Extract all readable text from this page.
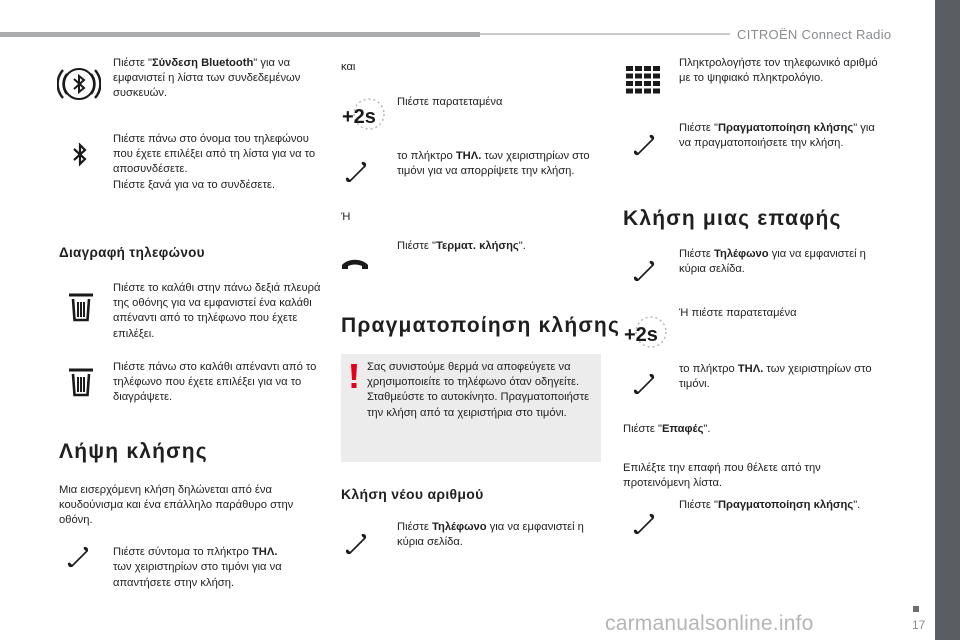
CITROËN Connect Radio
Πιέστε "Σύνδεση Bluetooth" για να εμφανιστεί η λίστα των συνδεδεμένων συσκευών.
Πιέστε πάνω στο όνομα του τηλεφώνου που έχετε επιλέξει από τη λίστα για να το αποσυνδέσετε.
Πιέστε ξανά για να το συνδέσετε.
Διαγραφή τηλεφώνου
Πιέστε το καλάθι στην πάνω δεξιά πλευρά της οθόνης για να εμφανιστεί ένα καλάθι απέναντι από το τηλέφωνο που έχετε επιλέξει.
Πιέστε πάνω στο καλάθι απέναντι από το τηλέφωνο που έχετε επιλέξει για να το διαγράψετε.
Λήψη κλήσης
Μια εισερχόμενη κλήση δηλώνεται από ένα κουδούνισμα και ένα επάλληλο παράθυρο στην οθόνη.

Πιέστε σύντομα το πλήκτρο ΤΗΛ.
των χειριστηρίων στο τιμόνι για να απαντήσετε στην κλήση.

και
+2s
Πιέστε παρατεταμένα
το πλήκτρο ΤΗΛ. των χειριστηρίων στο τιμόνι για να απορρίψετε την κλήση.
Ή
Πιέστε "Τερματ. κλήσης".
Πραγματοποίηση κλήσης
Σας συνιστούμε θερμά να αποφεύγετε να χρησιμοποιείτε το τηλέφωνο όταν οδηγείτε. Σταθμεύστε το αυτοκίνητο. Πραγματοποιήστε την κλήση από τα χειριστήρια στο τιμόνι.
Κλήση νέου αριθμού
Πιέστε Τηλέφωνο για να εμφανιστεί η κύρια σελίδα.
Πληκτρολογήστε τον τηλεφωνικό αριθμό με το ψηφιακό πληκτρολόγιο.
Πιέστε "Πραγματοποίηση κλήσης" για να πραγματοποιήσετε την κλήση.
Κλήση μιας επαφής
Πιέστε Τηλέφωνο για να εμφανιστεί η κύρια σελίδα.
+2s
Ή πιέστε παρατεταμένα
το πλήκτρο ΤΗΛ. των χειριστηρίων στο τιμόνι.
Πιέστε "Επαφές".
Επιλέξτε την επαφή που θέλετε από την προτεινόμενη λίστα.
Πιέστε "Πραγματοποίηση κλήσης".
17
carmanualsonline.info
